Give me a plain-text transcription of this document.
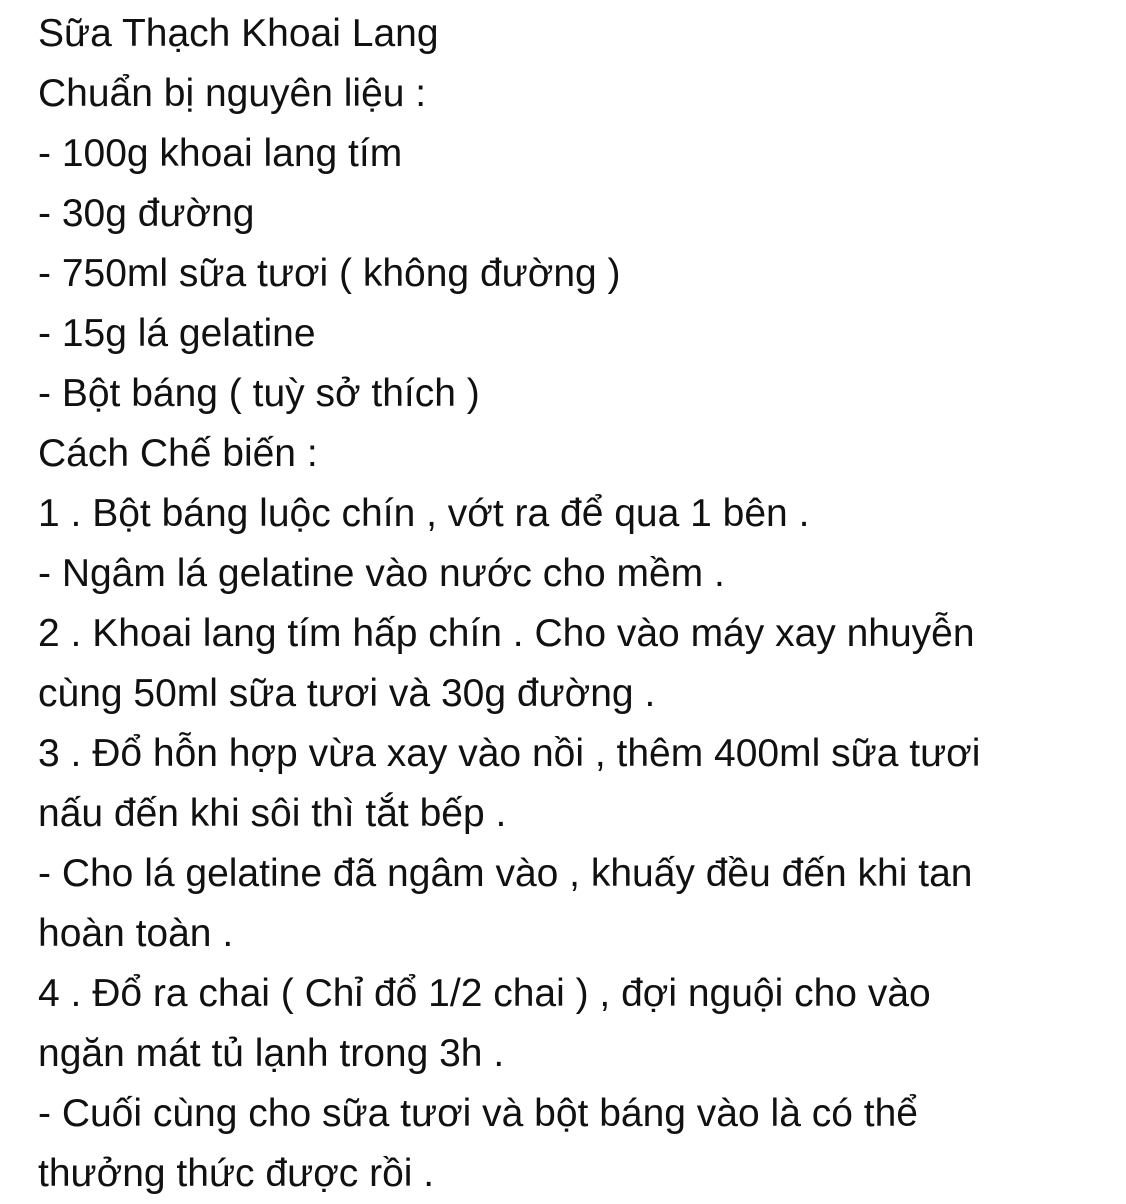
Sữa Thạch Khoai Lang
Chuẩn bị nguyên liệu :
- 100g khoai lang tím
- 30g đường
- 750ml sữa tươi ( không đường )
- 15g lá gelatine
- Bột báng ( tuỳ sở thích )
Cách Chế biến :
1 . Bột báng luộc chín , vớt ra để qua 1 bên .
- Ngâm lá gelatine vào nước cho mềm .
2 . Khoai lang tím hấp chín . Cho vào máy xay nhuyễn
cùng 50ml sữa tươi và 30g đường .
3 . Đổ hỗn hợp vừa xay vào nồi , thêm 400ml sữa tươi
nấu đến khi sôi thì tắt bếp .
- Cho lá gelatine đã ngâm vào , khuấy đều đến khi tan
hoàn toàn .
4 . Đổ ra chai ( Chỉ đổ 1/2 chai ) , đợi nguội cho vào
ngăn mát tủ lạnh trong 3h .
- Cuối cùng cho sữa tươi và bột báng vào là có thể
thưởng thức được rồi .
